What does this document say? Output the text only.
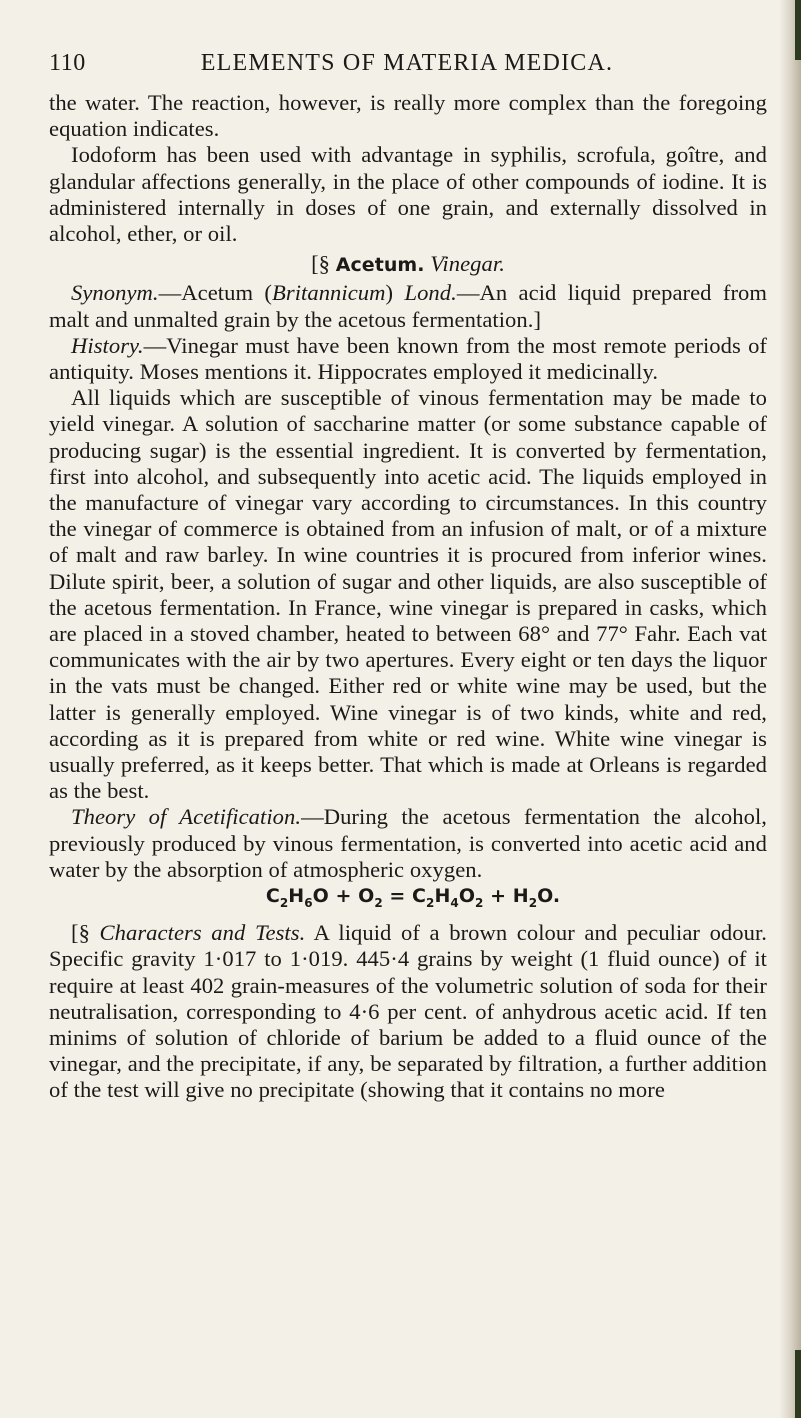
110	ELEMENTS OF MATERIA MEDICA.

the water. The reaction, however, is really more complex than the foregoing equation indicates.

Iodoform has been used with advantage in syphilis, scrofula, goître, and glandular affections generally, in the place of other compounds of iodine. It is administered internally in doses of one grain, and externally dissolved in alcohol, ether, or oil.

[§ Acetum. Vinegar.

Synonym.—Acetum (Britannicum) Lond.—An acid liquid prepared from malt and unmalted grain by the acetous fermentation.]

History.—Vinegar must have been known from the most remote periods of antiquity. Moses mentions it. Hippocrates employed it medicinally.

All liquids which are susceptible of vinous fermentation may be made to yield vinegar. A solution of saccharine matter (or some substance capable of producing sugar) is the essential ingredient. It is converted by fermentation, first into alcohol, and subsequently into acetic acid. The liquids employed in the manufacture of vinegar vary according to circumstances. In this country the vinegar of commerce is obtained from an infusion of malt, or of a mixture of malt and raw barley. In wine countries it is procured from inferior wines. Dilute spirit, beer, a solution of sugar and other liquids, are also susceptible of the acetous fermentation. In France, wine vinegar is prepared in casks, which are placed in a stoved chamber, heated to between 68° and 77° Fahr. Each vat communicates with the air by two apertures. Every eight or ten days the liquor in the vats must be changed. Either red or white wine may be used, but the latter is generally employed. Wine vinegar is of two kinds, white and red, according as it is prepared from white or red wine. White wine vinegar is usually preferred, as it keeps better. That which is made at Orleans is regarded as the best.

Theory of Acetification.—During the acetous fermentation the alcohol, previously produced by vinous fermentation, is converted into acetic acid and water by the absorption of atmospheric oxygen.

$C_2H_6O + O_2 = C_2H_4O_2 + H_2O$.

[§ Characters and Tests. A liquid of a brown colour and peculiar odour. Specific gravity 1·017 to 1·019. 445·4 grains by weight (1 fluid ounce) of it require at least 402 grain-measures of the volumetric solution of soda for their neutralisation, corresponding to 4·6 per cent. of anhydrous acetic acid. If ten minims of solution of chloride of barium be added to a fluid ounce of the vinegar, and the precipitate, if any, be separated by filtration, a further addition of the test will give no precipitate (showing that it contains no more
